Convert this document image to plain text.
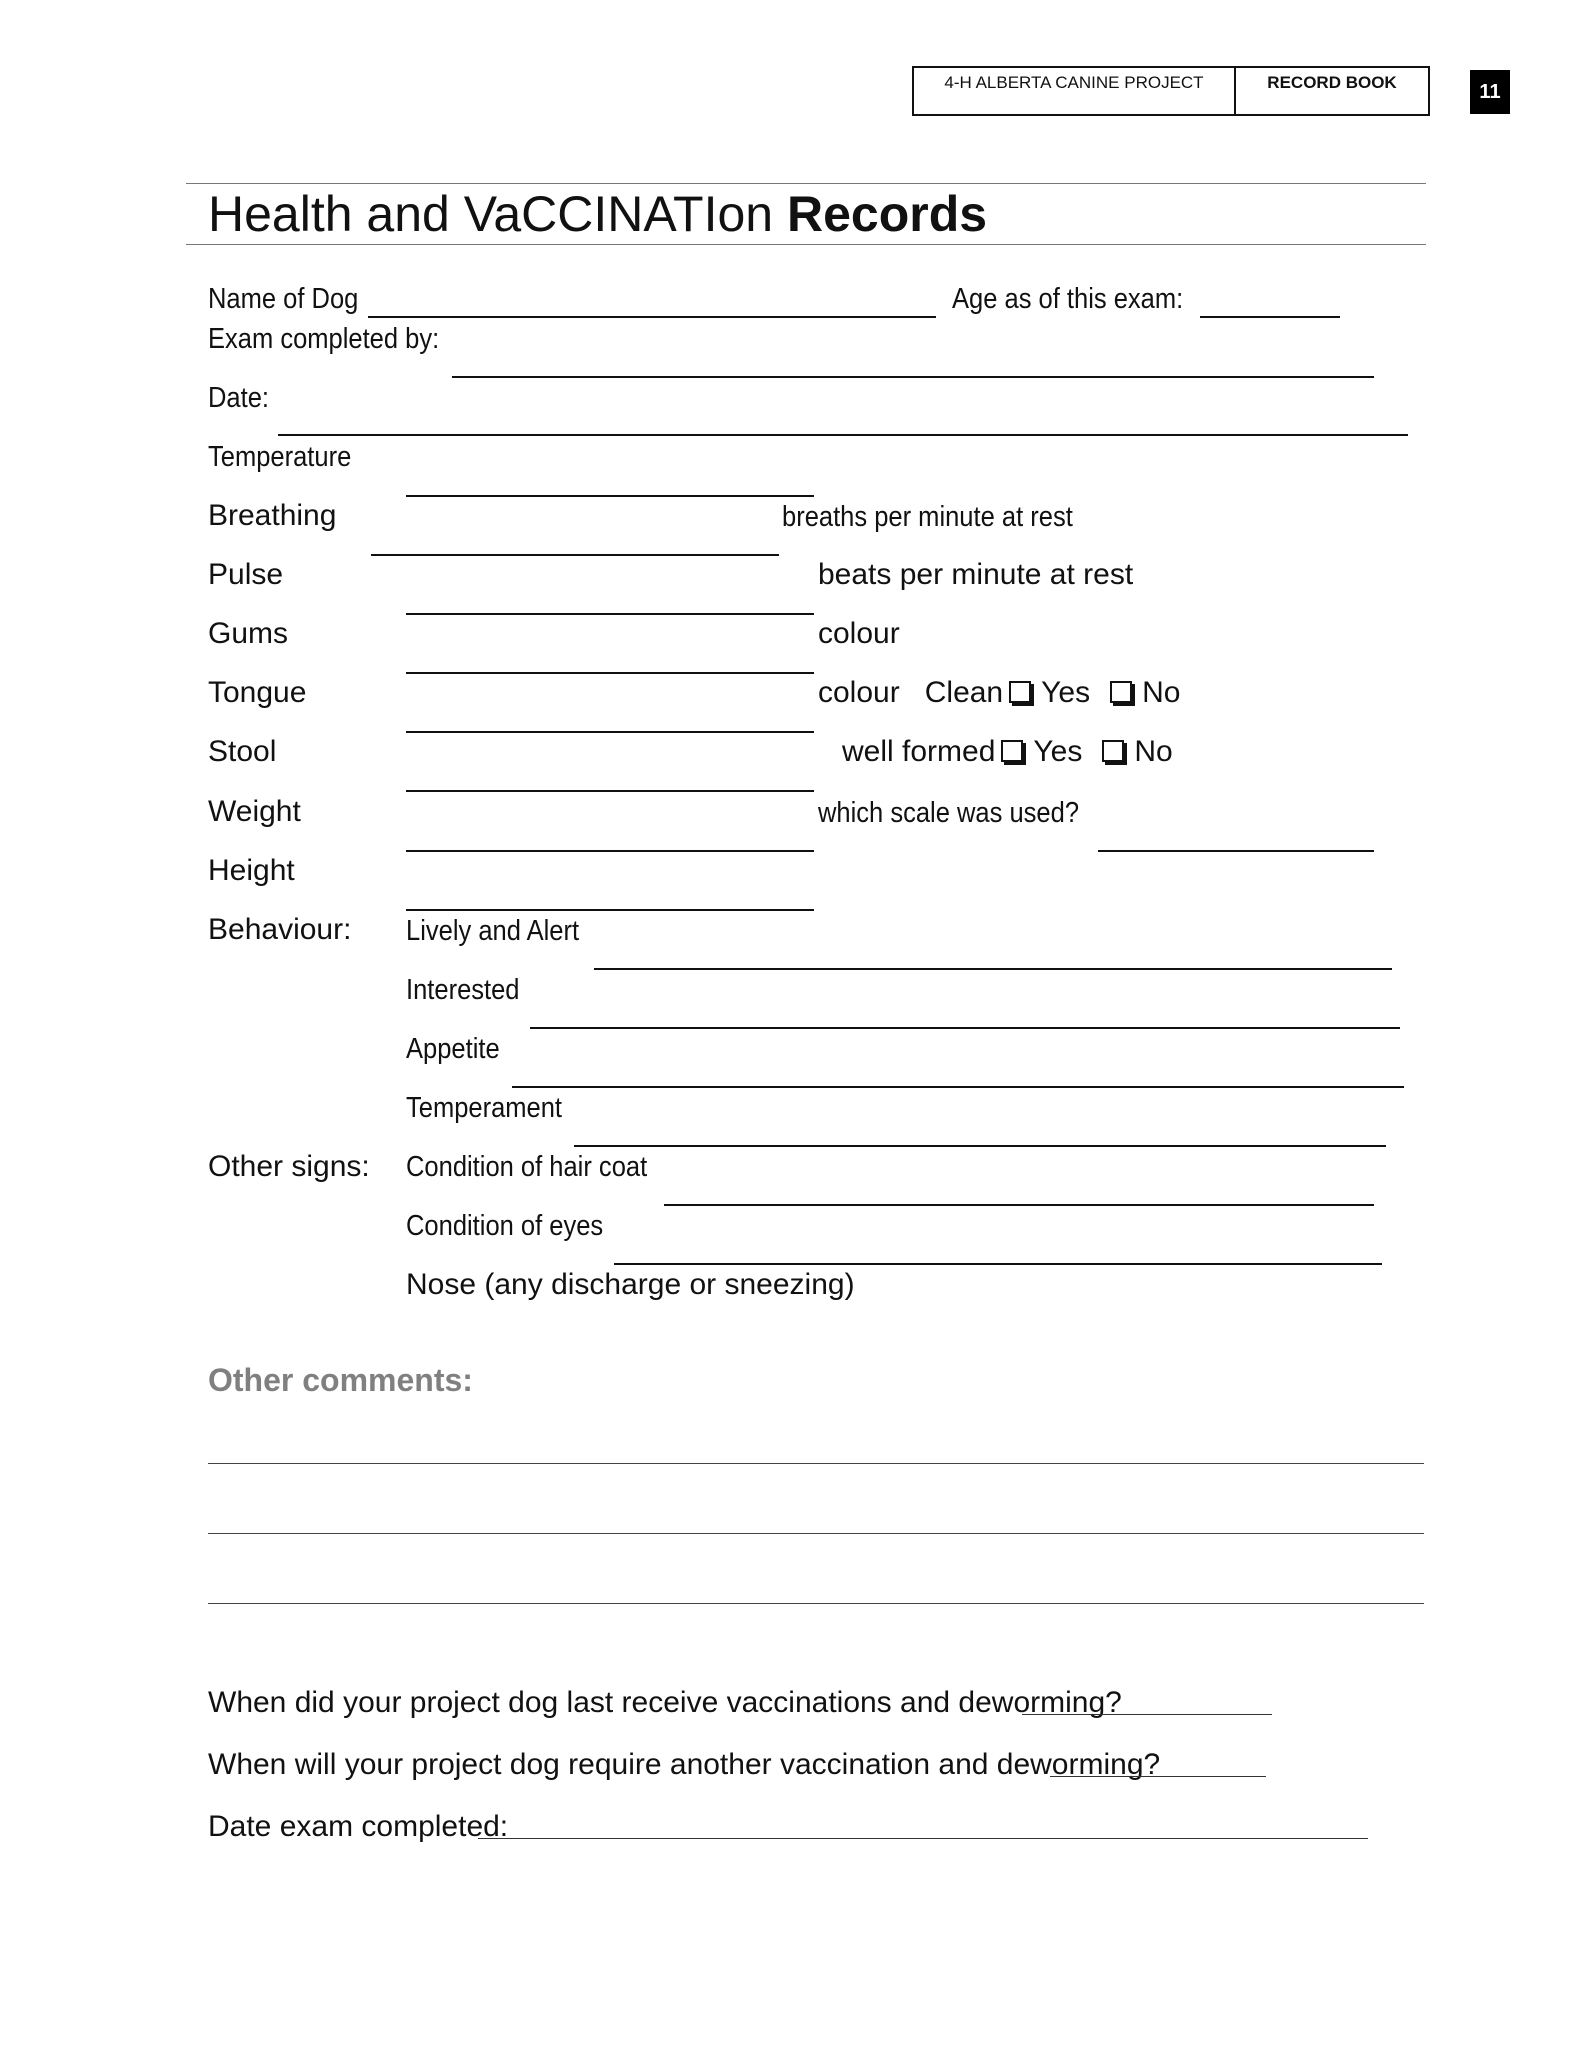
4-H ALBERTA CANINE PROJECT	RECORD BOOK	11
Health and VaCCINATIon Records
Name of Dog	Age as of this exam:
Exam completed by:
Date:
Temperature
Breathing	breaths per minute at rest
Pulse	beats per minute at rest
Gums	colour
Tongue	colour Clean Yes No
Stool	well formed Yes No
Weight	which scale was used?
Height
Behaviour: Lively and Alert
Interested
Appetite
Temperament
Other signs: Condition of hair coat
Condition of eyes
Nose (any discharge or sneezing)
Other comments:
When did your project dog last receive vaccinations and deworming?
When will your project dog require another vaccination and deworming?
Date exam completed:
